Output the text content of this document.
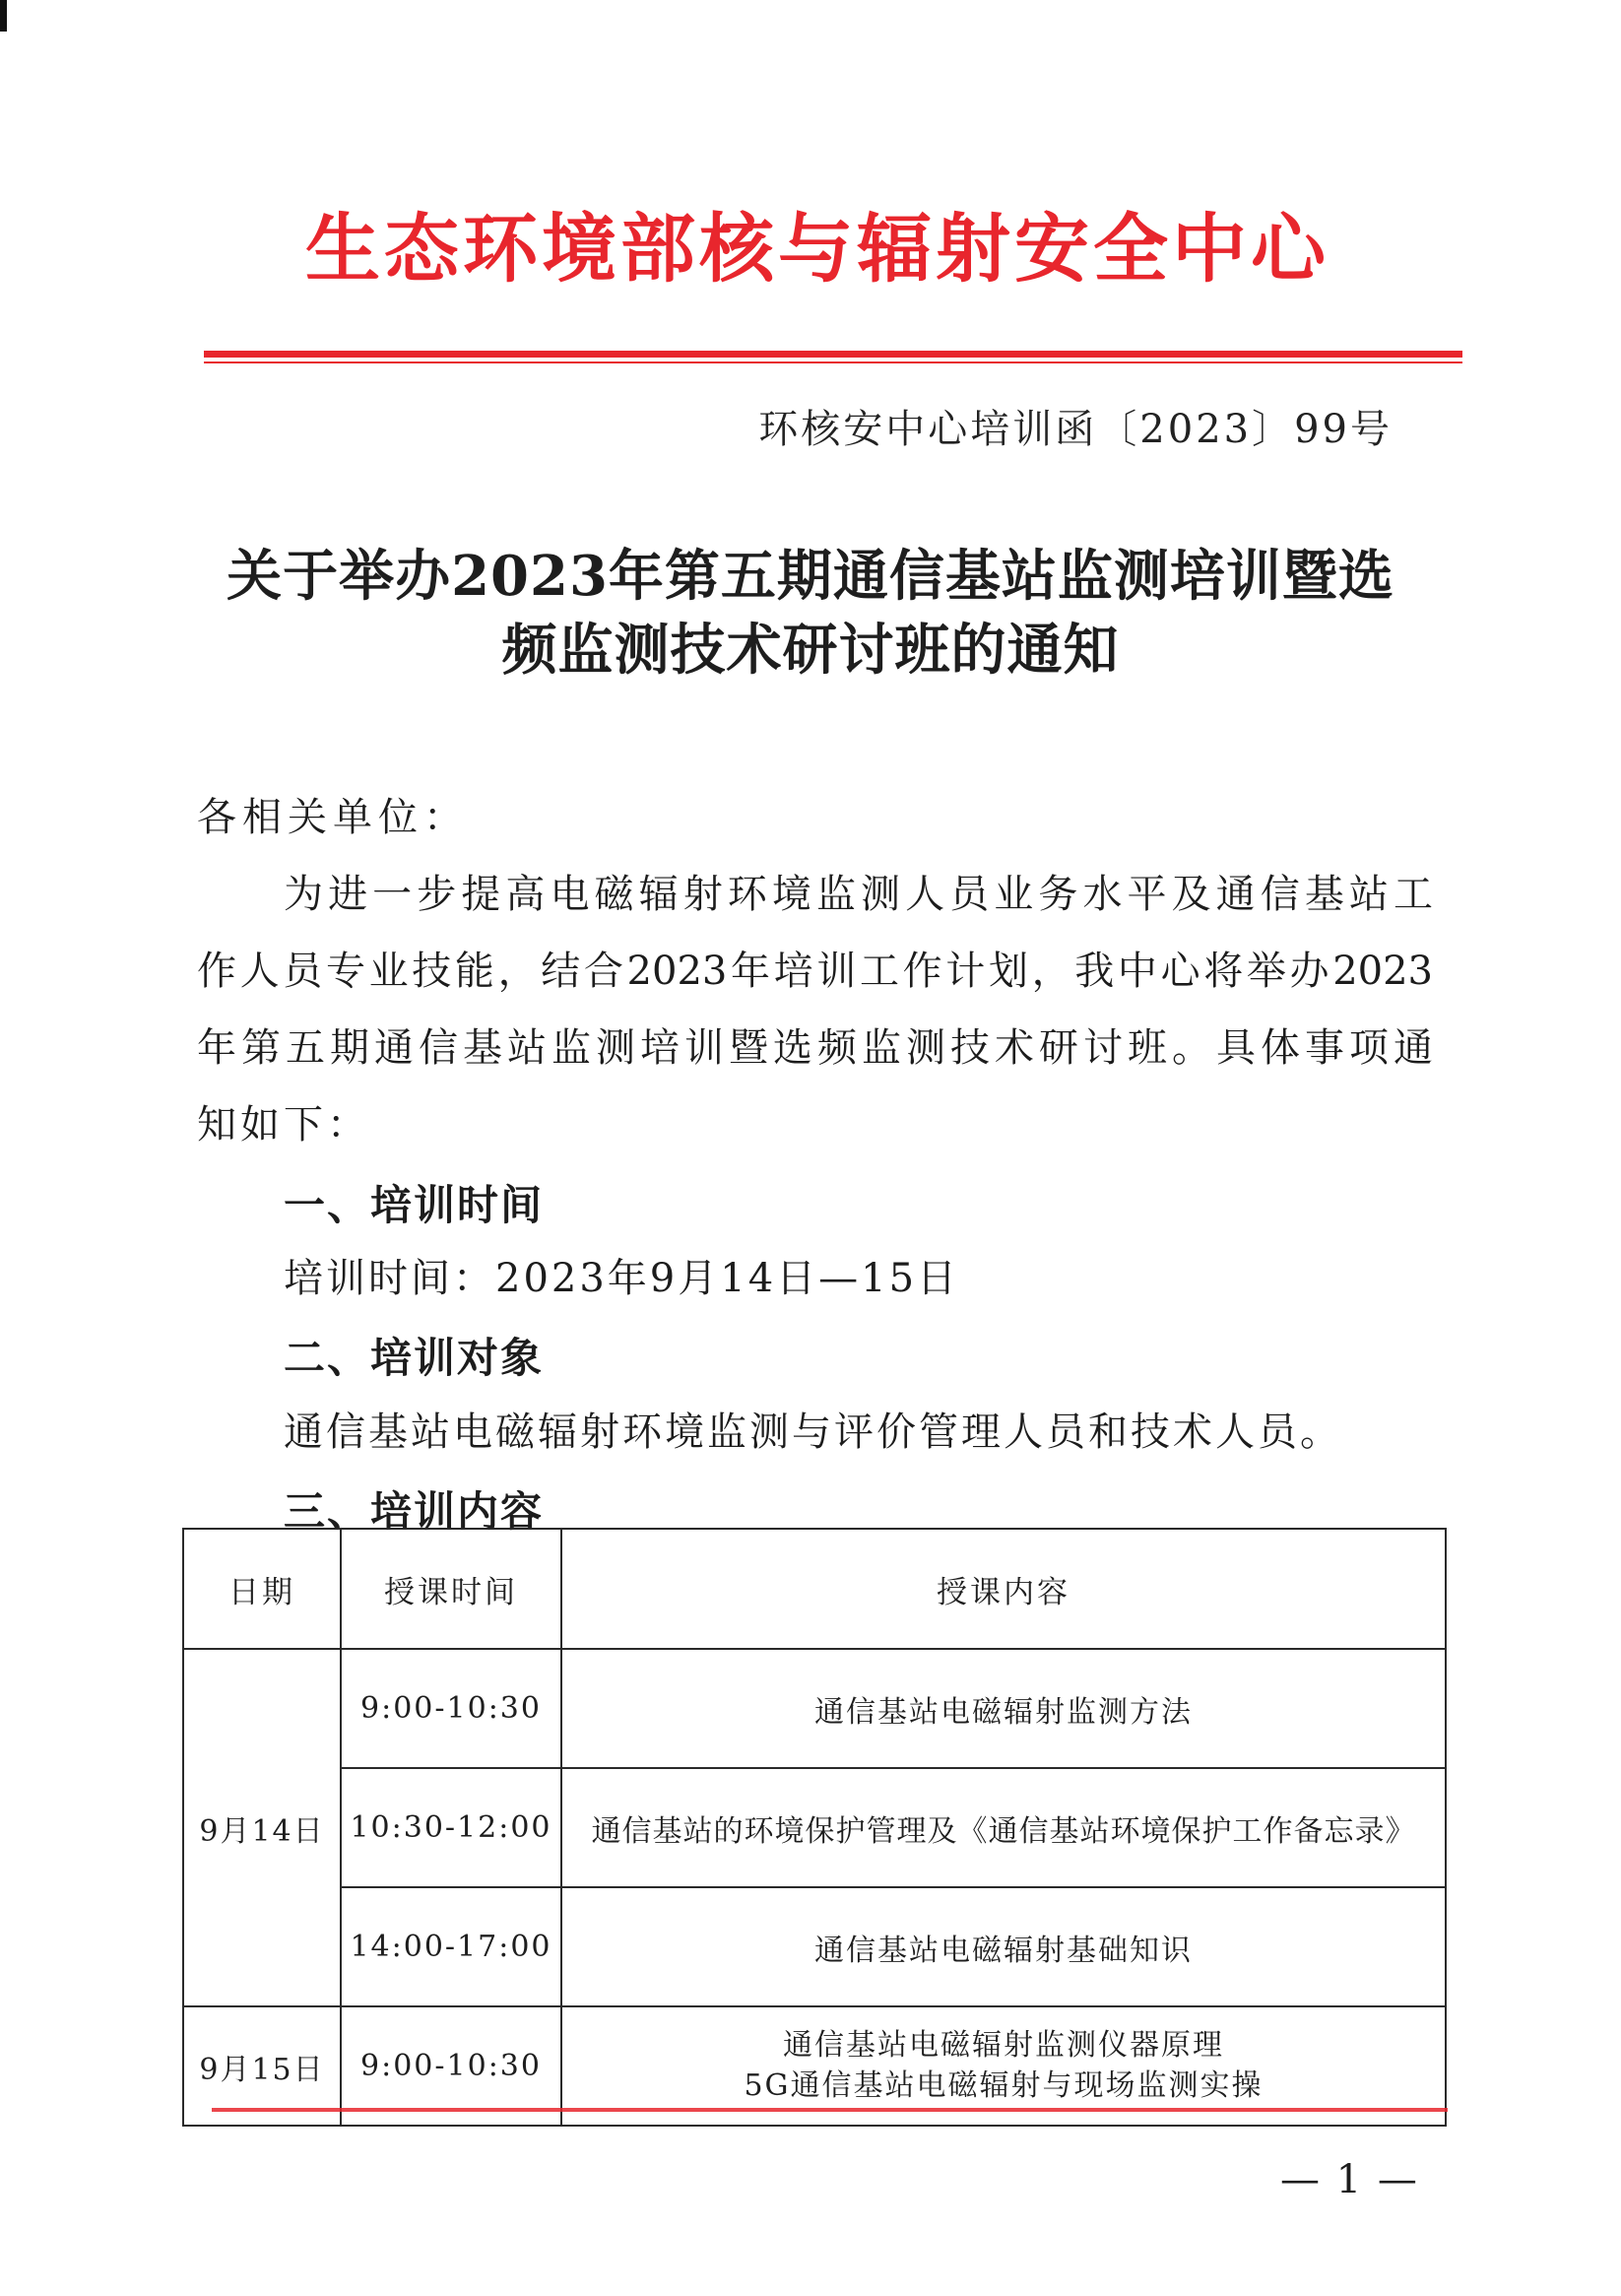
生态环境部核与辐射安全中心
环核安中心培训函〔2023〕99号
关于举办2023年第五期通信基站监测培训暨选
频监测技术研讨班的通知
各相关单位：
为进一步提高电磁辐射环境监测人员业务水平及通信基站工
作人员专业技能，结合2023年培训工作计划，我中心将举办2023
年第五期通信基站监测培训暨选频监测技术研讨班。具体事项通
知如下：
一、培训时间
培训时间：2023年9月14日—15日
二、培训对象
通信基站电磁辐射环境监测与评价管理人员和技术人员。
三、培训内容
日期	授课时间	授课内容
9月14日	9:00-10:30	通信基站电磁辐射监测方法
	10:30-12:00	通信基站的环境保护管理及《通信基站环境保护工作备忘录》
	14:00-17:00	通信基站电磁辐射基础知识
9月15日	9:00-10:30	通信基站电磁辐射监测仪器原理
5G通信基站电磁辐射与现场监测实操
— 1 —
